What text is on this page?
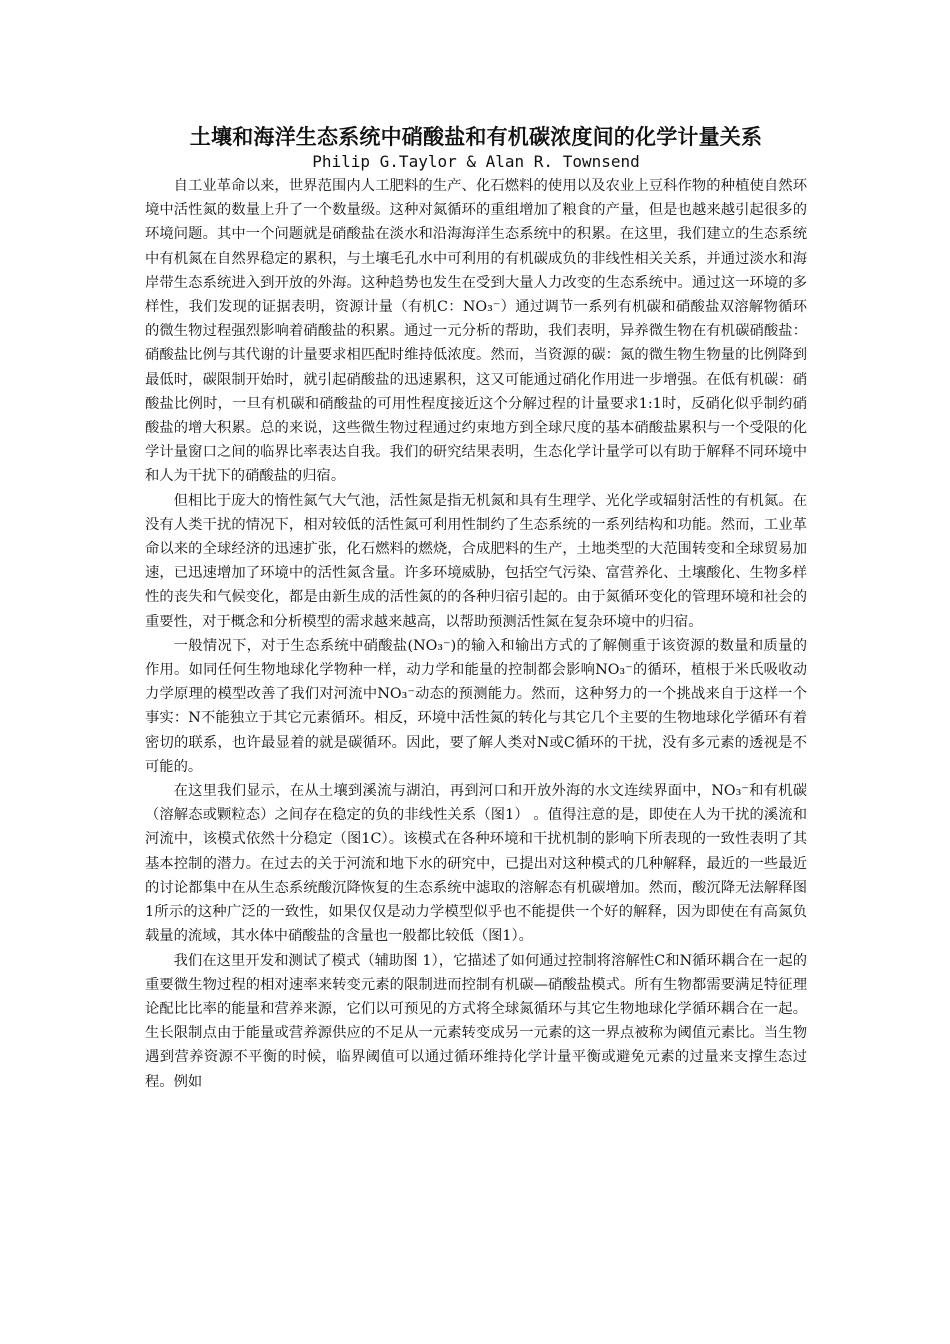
土壤和海洋生态系统中硝酸盐和有机碳浓度间的化学计量关系
Philip G.Taylor & Alan R. Townsend

自工业革命以来，世界范围内人工肥料的生产、化石燃料的使用以及农业上豆科作物的种植使自然环境中活性氮的数量上升了一个数量级。这种对氮循环的重组增加了粮食的产量，但是也越来越引起很多的环境问题。其中一个问题就是硝酸盐在淡水和沿海海洋生态系统中的积累。在这里，我们建立的生态系统中有机氮在自然界稳定的累积，与土壤毛孔水中可利用的有机碳成负的非线性相关关系，并通过淡水和海岸带生态系统进入到开放的外海。这种趋势也发生在受到大量人力改变的生态系统中。通过这一环境的多样性，我们发现的证据表明，资源计量（有机C：NO₃⁻）通过调节一系列有机碳和硝酸盐双溶解物循环的微生物过程强烈影响着硝酸盐的积累。通过一元分析的帮助，我们表明，异养微生物在有机碳硝酸盐：硝酸盐比例与其代谢的计量要求相匹配时维持低浓度。然而，当资源的碳：氮的微生物生物量的比例降到最低时，碳限制开始时，就引起硝酸盐的迅速累积，这又可能通过硝化作用进一步增强。在低有机碳：硝酸盐比例时，一旦有机碳和硝酸盐的可用性程度接近这个分解过程的计量要求1:1时，反硝化似乎制约硝酸盐的增大积累。总的来说，这些微生物过程通过约束地方到全球尺度的基本硝酸盐累积与一个受限的化学计量窗口之间的临界比率表达自我。我们的研究结果表明，生态化学计量学可以有助于解释不同环境中和人为干扰下的硝酸盐的归宿。

但相比于庞大的惰性氮气大气池，活性氮是指无机氮和具有生理学、光化学或辐射活性的有机氮。在没有人类干扰的情况下，相对较低的活性氮可利用性制约了生态系统的一系列结构和功能。然而，工业革命以来的全球经济的迅速扩张，化石燃料的燃烧，合成肥料的生产，土地类型的大范围转变和全球贸易加速，已迅速增加了环境中的活性氮含量。许多环境威胁，包括空气污染、富营养化、土壤酸化、生物多样性的丧失和气候变化，都是由新生成的活性氮的的各种归宿引起的。由于氮循环变化的管理环境和社会的重要性，对于概念和分析模型的需求越来越高，以帮助预测活性氮在复杂环境中的归宿。

一般情况下，对于生态系统中硝酸盐(NO₃⁻)的输入和输出方式的了解侧重于该资源的数量和质量的作用。如同任何生物地球化学物种一样，动力学和能量的控制都会影响NO₃⁻的循环，植根于米氏吸收动力学原理的模型改善了我们对河流中NO₃⁻动态的预测能力。然而，这种努力的一个挑战来自于这样一个事实：N不能独立于其它元素循环。相反，环境中活性氮的转化与其它几个主要的生物地球化学循环有着密切的联系，也许最显着的就是碳循环。因此，要了解人类对N或C循环的干扰，没有多元素的透视是不可能的。

在这里我们显示，在从土壤到溪流与湖泊，再到河口和开放外海的水文连续界面中，NO₃⁻和有机碳（溶解态或颗粒态）之间存在稳定的负的非线性关系（图1） 。值得注意的是，即使在人为干扰的溪流和河流中，该模式依然十分稳定（图1C）。该模式在各种环境和干扰机制的影响下所表现的一致性表明了其基本控制的潜力。在过去的关于河流和地下水的研究中，已提出对这种模式的几种解释，最近的一些最近的讨论都集中在从生态系统酸沉降恢复的生态系统中滤取的溶解态有机碳增加。然而，酸沉降无法解释图1所示的这种广泛的一致性，如果仅仅是动力学模型似乎也不能提供一个好的解释，因为即使在有高氮负载量的流域，其水体中硝酸盐的含量也一般都比较低（图1）。

我们在这里开发和测试了模式（辅助图 1），它描述了如何通过控制将溶解性C和N循环耦合在一起的重要微生物过程的相对速率来转变元素的限制进而控制有机碳—硝酸盐模式。所有生物都需要满足特征理论配比比率的能量和营养来源，它们以可预见的方式将全球氮循环与其它生物地球化学循环耦合在一起。生长限制点由于能量或营养源供应的不足从一元素转变成另一元素的这一界点被称为阈值元素比。当生物遇到营养资源不平衡的时候，临界阈值可以通过循环维持化学计量平衡或避免元素的过量来支撑生态过程。例如
